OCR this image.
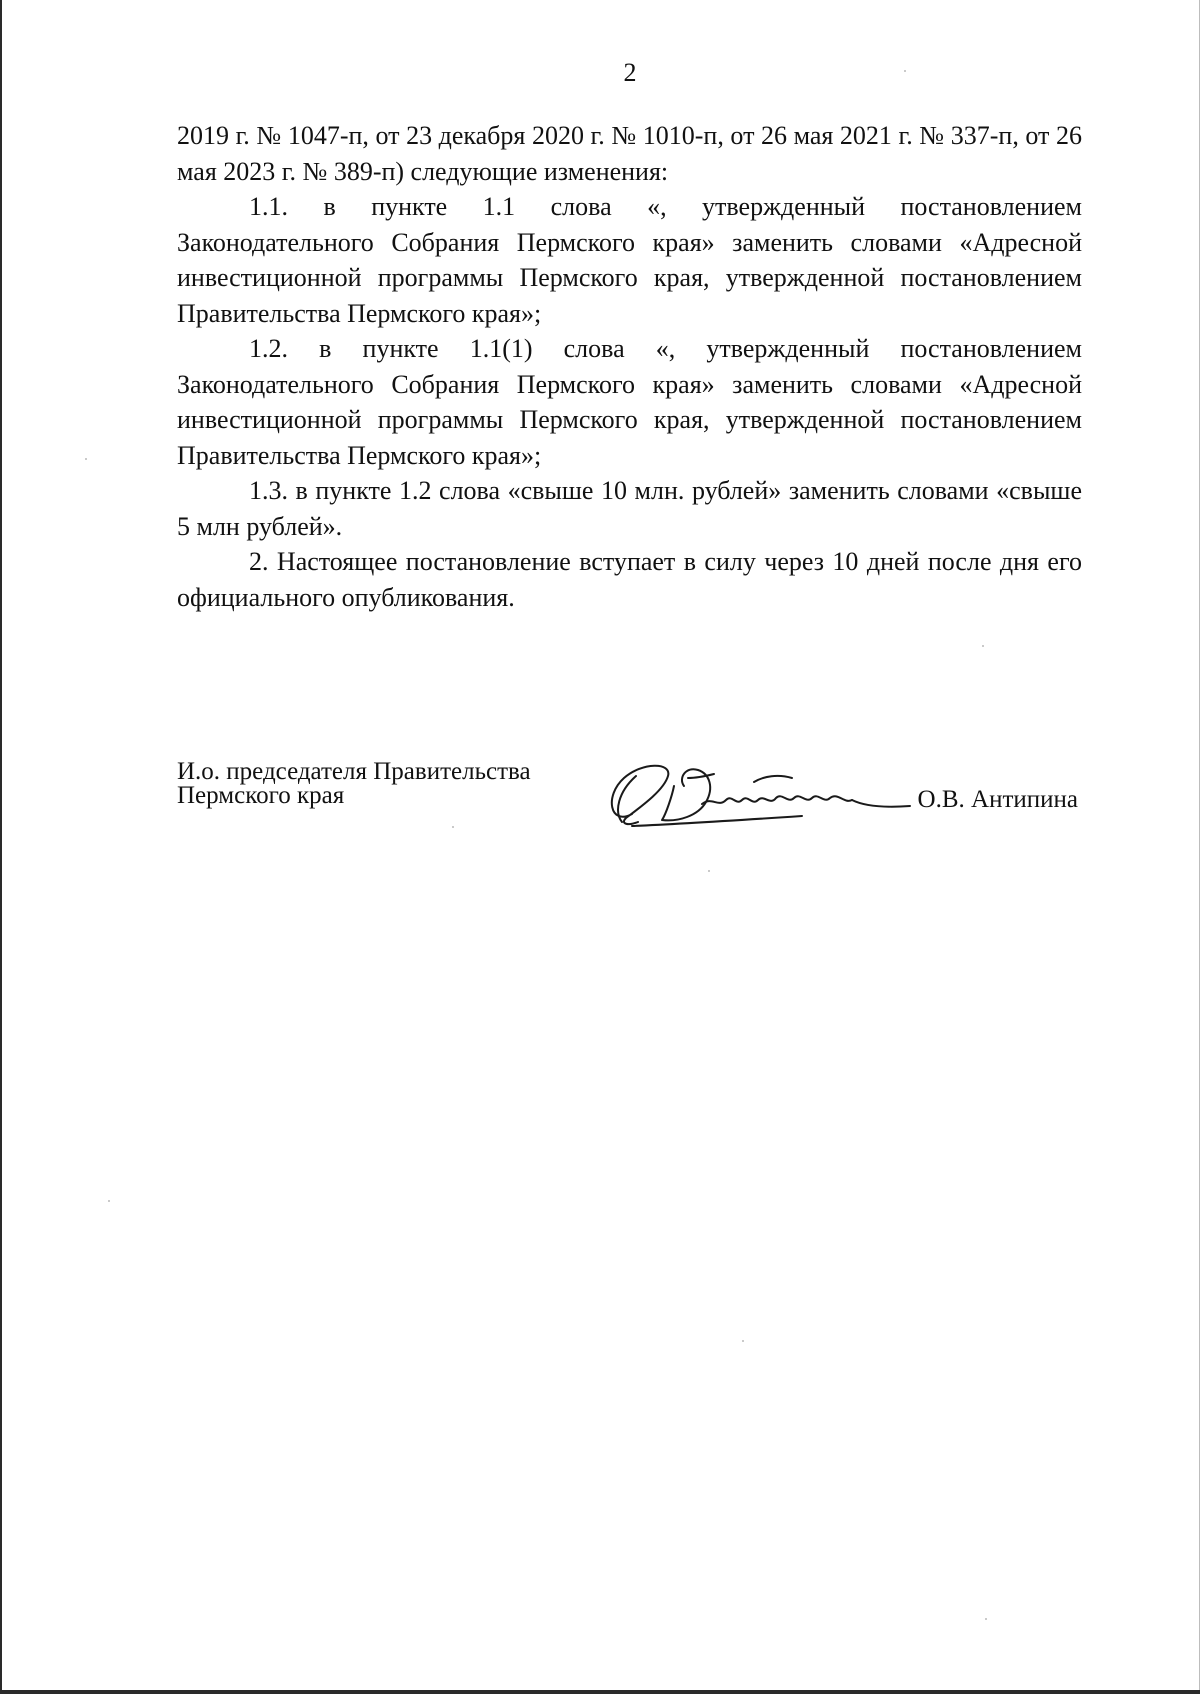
2

2019 г. № 1047-п, от 23 декабря 2020 г. № 1010-п, от 26 мая 2021 г. № 337-п, от 26 мая 2023 г. № 389-п) следующие изменения:

1.1. в пункте 1.1 слова «, утвержденный постановлением Законодательного Собрания Пермского края» заменить словами «Адресной инвестиционной программы Пермского края, утвержденной постановлением Правительства Пермского края»;

1.2. в пункте 1.1(1) слова «, утвержденный постановлением Законодательного Собрания Пермского края» заменить словами «Адресной инвестиционной программы Пермского края, утвержденной постановлением Правительства Пермского края»;

1.3. в пункте 1.2 слова «свыше 10 млн. рублей» заменить словами «свыше 5 млн рублей».

2. Настоящее постановление вступает в силу через 10 дней после дня его официального опубликования.

И.о. председателя Правительства
Пермского края	О.В. Антипина
